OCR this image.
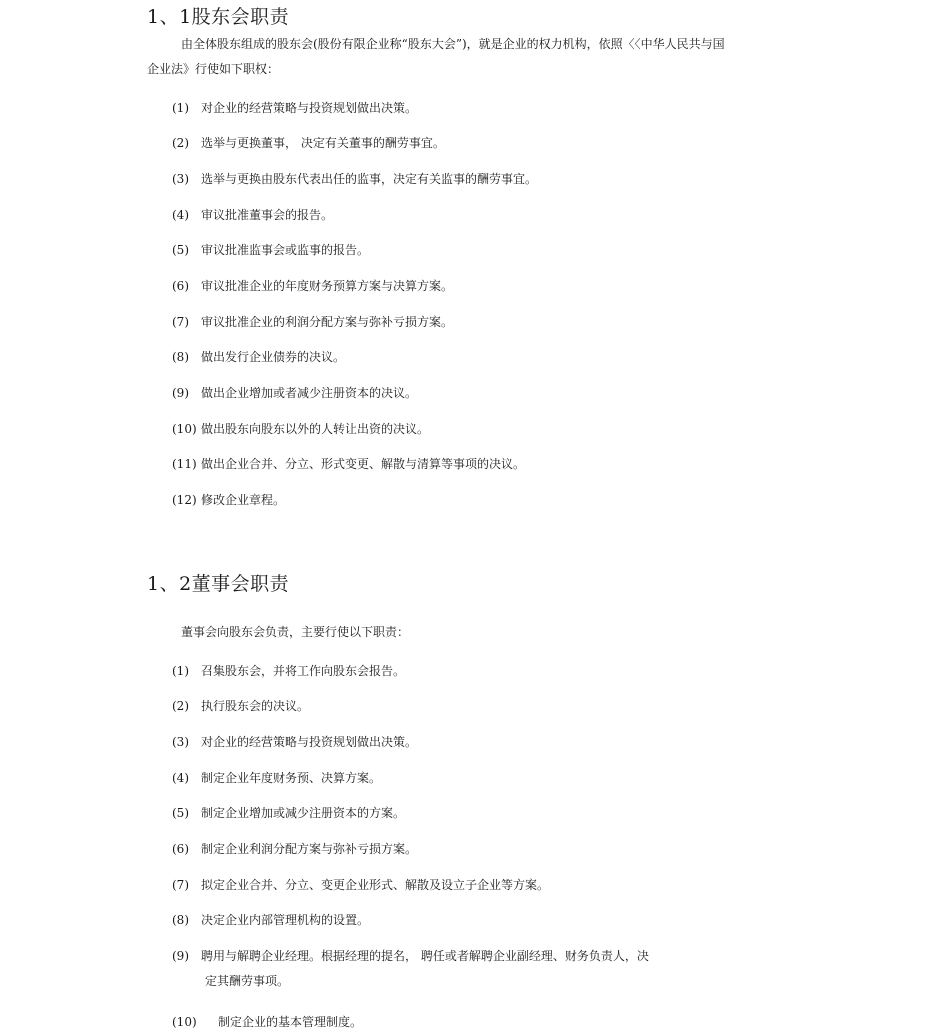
1、1股东会职责
由全体股东组成的股东会(股份有限企业称“股东大会”)，就是企业的权力机构，依照〈〈中华人民共与国
企业法》行使如下职权：
(1) 对企业的经营策略与投资规划做出决策。
(2) 选举与更换董事， 决定有关董事的酬劳事宜。
(3) 选举与更换由股东代表出任的监事，决定有关监事的酬劳事宜。
(4) 审议批准董事会的报告。
(5) 审议批准监事会或监事的报告。
(6) 审议批准企业的年度财务预算方案与决算方案。
(7) 审议批准企业的利润分配方案与弥补亏损方案。
(8) 做出发行企业债券的决议。
(9) 做出企业增加或者减少注册资本的决议。
(10) 做出股东向股东以外的人转让出资的决议。
(11) 做出企业合并、分立、形式变更、解散与清算等事项的决议。
(12) 修改企业章程。
1、2董事会职责
董事会向股东会负责，主要行使以下职责：
(1) 召集股东会，并将工作向股东会报告。
(2) 执行股东会的决议。
(3) 对企业的经营策略与投资规划做出决策。
(4) 制定企业年度财务预、决算方案。
(5) 制定企业增加或减少注册资本的方案。
(6) 制定企业利润分配方案与弥补亏损方案。
(7) 拟定企业合并、分立、变更企业形式、解散及设立子企业等方案。
(8) 决定企业内部管理机构的设置。
(9) 聘用与解聘企业经理。根据经理的提名， 聘任或者解聘企业副经理、财务负责人，决
定其酬劳事项。
(10) 制定企业的基本管理制度。
